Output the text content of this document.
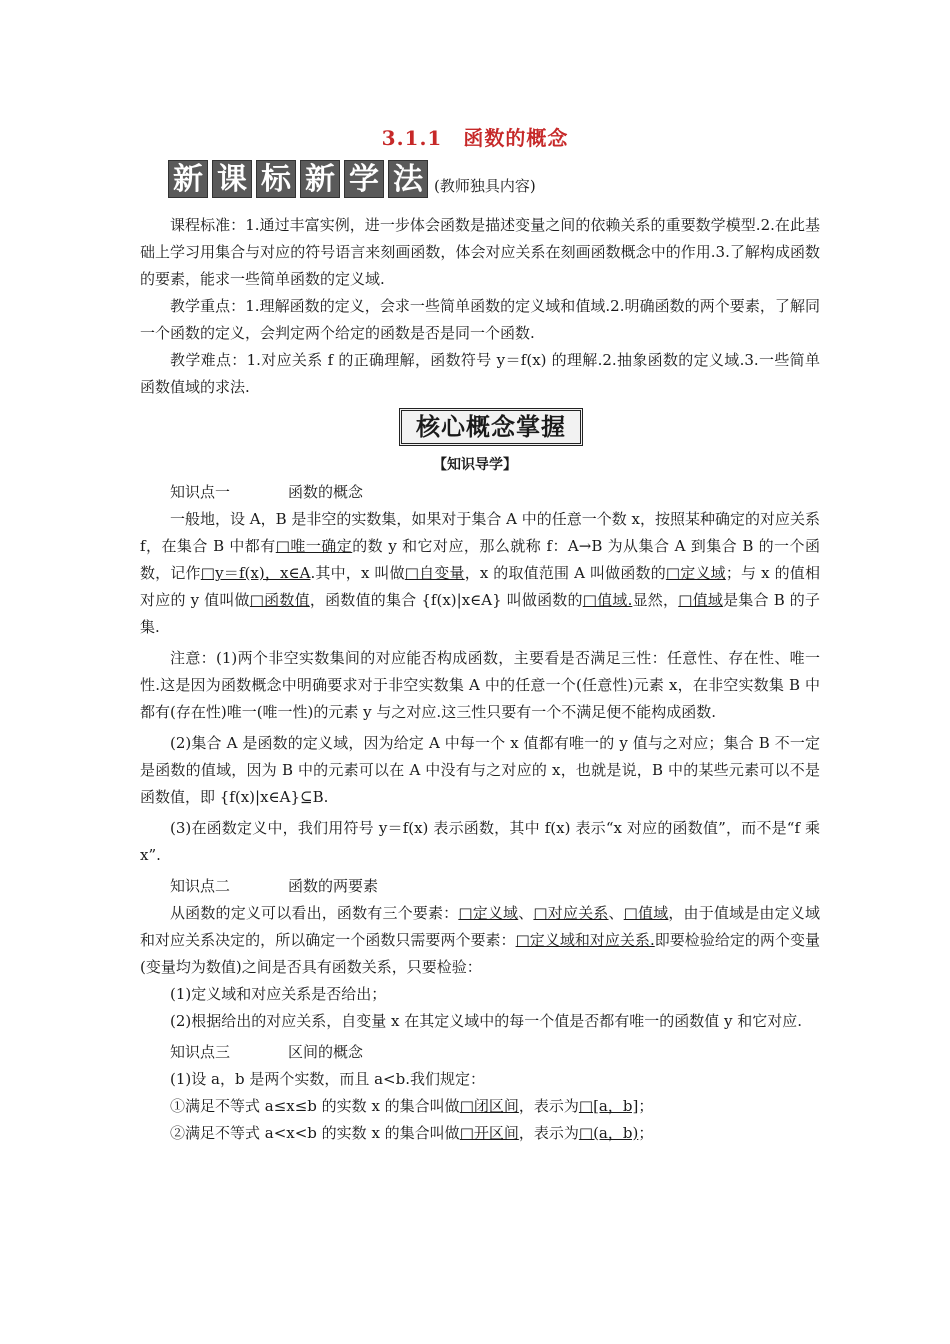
3.1.1　函数的概念
新 课 标 新 学 法 (教师独具内容)

课程标准：1.通过丰富实例，进一步体会函数是描述变量之间的依赖关系的重要数学模型.2.在此基础上学习用集合与对应的符号语言来刻画函数，体会对应关系在刻画函数概念中的作用.3.了解构成函数的要素，能求一些简单函数的定义域.

教学重点：1.理解函数的定义，会求一些简单函数的定义域和值域.2.明确函数的两个要素，了解同一个函数的定义，会判定两个给定的函数是否是同一个函数.

教学难点：1.对应关系 f 的正确理解，函数符号 y＝f(x) 的理解.2.抽象函数的定义域.3.一些简单函数值域的求法.

核心概念掌握
【知识导学】

知识点一	函数的概念

一般地，设 A，B 是非空的实数集，如果对于集合 A 中的任意一个数 x，按照某种确定的对应关系 f，在集合 B 中都有□唯一确定的数 y 和它对应，那么就称 f：A→B 为从集合 A 到集合 B 的一个函数，记作□y＝f(x)，x∈A.其中，x 叫做□自变量，x 的取值范围 A 叫做函数的□定义域；与 x 的值相对应的 y 值叫做□函数值，函数值的集合 {f(x)|x∈A} 叫做函数的□值域.显然，□值域是集合 B 的子集.

注意：(1)两个非空实数集间的对应能否构成函数，主要看是否满足三性：任意性、存在性、唯一性.这是因为函数概念中明确要求对于非空实数集 A 中的任意一个(任意性)元素 x，在非空实数集 B 中都有(存在性)唯一(唯一性)的元素 y 与之对应.这三性只要有一个不满足便不能构成函数.

(2)集合 A 是函数的定义域，因为给定 A 中每一个 x 值都有唯一的 y 值与之对应；集合 B 不一定是函数的值域，因为 B 中的元素可以在 A 中没有与之对应的 x，也就是说，B 中的某些元素可以不是函数值，即 {f(x)|x∈A}⊆B.

(3)在函数定义中，我们用符号 y＝f(x) 表示函数，其中 f(x) 表示“x 对应的函数值”，而不是“f 乘 x”.

知识点二	函数的两要素

从函数的定义可以看出，函数有三个要素：□定义域、□对应关系、□值域，由于值域是由定义域和对应关系决定的，所以确定一个函数只需要两个要素：□定义域和对应关系.即要检验给定的两个变量(变量均为数值)之间是否具有函数关系，只要检验：

(1)定义域和对应关系是否给出；

(2)根据给出的对应关系，自变量 x 在其定义域中的每一个值是否都有唯一的函数值 y 和它对应.

知识点三	区间的概念

(1)设 a，b 是两个实数，而且 a<b.我们规定：

①满足不等式 a≤x≤b 的实数 x 的集合叫做□闭区间，表示为□[a，b]；

②满足不等式 a<x<b 的实数 x 的集合叫做□开区间，表示为□(a，b)；
